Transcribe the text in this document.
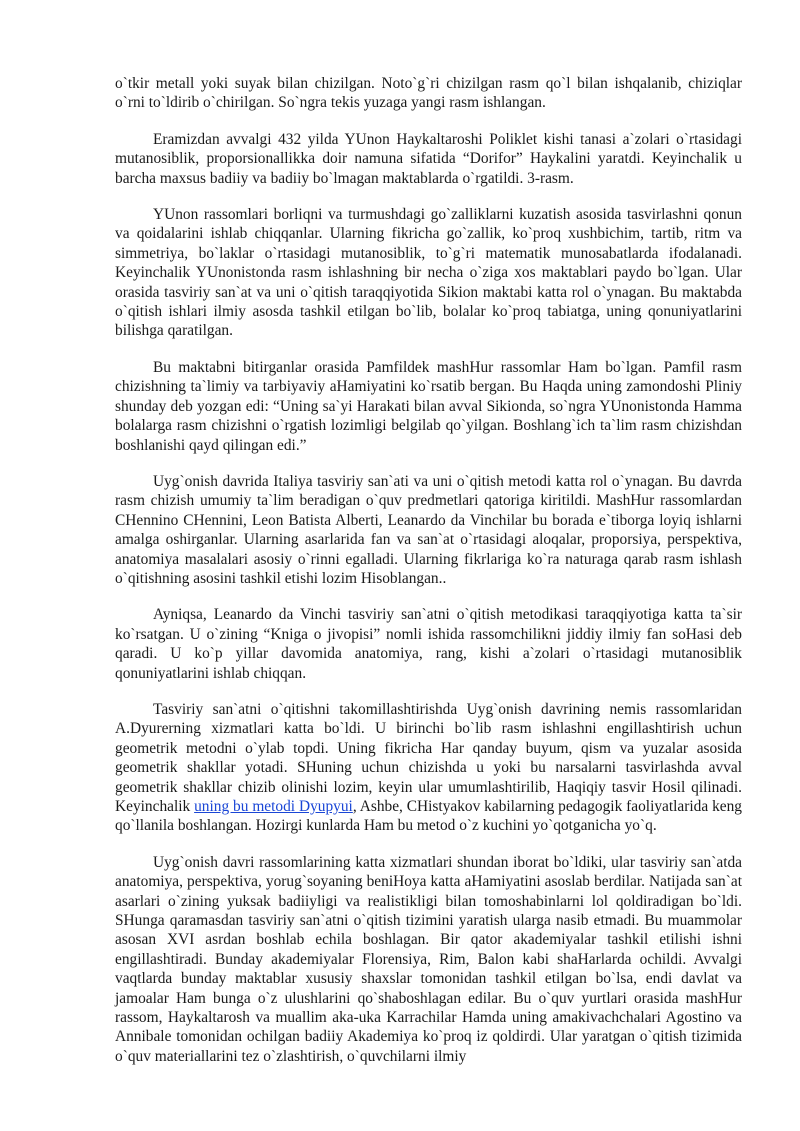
o`tkir metall yoki suyak bilan chizilgan. Noto`g`ri chizilgan rasm qo`l bilan ishqalanib, chiziqlar o`rni to`ldirib o`chirilgan. So`ngra tekis yuzaga yangi rasm ishlangan.

Eramizdan avvalgi 432 yilda YUnon Haykaltaroshi Poliklet kishi tanasi a`zolari o`rtasidagi mutanosiblik, proporsionallikka doir namuna sifatida “Dorifor” Haykalini yaratdi. Keyinchalik u barcha maxsus badiiy va badiiy bo`lmagan maktablarda o`rgatildi. 3-rasm.

YUnon rassomlari borliqni va turmushdagi go`zalliklarni kuzatish asosida tasvirlashni qonun va qoidalarini ishlab chiqqanlar. Ularning fikricha go`zallik, ko`proq xushbichim, tartib, ritm va simmetriya, bo`laklar o`rtasidagi mutanosiblik, to`g`ri matematik munosabatlarda ifodalanadi. Keyinchalik YUnonistonda rasm ishlashning bir necha o`ziga xos maktablari paydo bo`lgan. Ular orasida tasviriy san`at va uni o`qitish taraqqiyotida Sikion maktabi katta rol o`ynagan. Bu maktabda o`qitish ishlari ilmiy asosda tashkil etilgan bo`lib, bolalar ko`proq tabiatga, uning qonuniyatlarini bilishga qaratilgan.

Bu maktabni bitirganlar orasida Pamfildek mashHur rassomlar Ham bo`lgan. Pamfil rasm chizishning ta`limiy va tarbiyaviy aHamiyatini ko`rsatib bergan. Bu Haqda uning zamondoshi Pliniy shunday deb yozgan edi: “Uning sa`yi Harakati bilan avval Sikionda, so`ngra YUnonistonda Hamma bolalarga rasm chizishni o`rgatish lozimligi belgilab qo`yilgan. Boshlang`ich ta`lim rasm chizishdan boshlanishi qayd qilingan edi.”

Uyg`onish davrida Italiya tasviriy san`ati va uni o`qitish metodi katta rol o`ynagan. Bu davrda rasm chizish umumiy ta`lim beradigan o`quv predmetlari qatoriga kiritildi. MashHur rassomlardan CHennino CHennini, Leon Batista Alberti, Leanardo da Vinchilar bu borada e`tiborga loyiq ishlarni amalga oshirganlar. Ularning asarlarida fan va san`at o`rtasidagi aloqalar, proporsiya, perspektiva, anatomiya masalalari asosiy o`rinni egalladi. Ularning fikrlariga ko`ra naturaga qarab rasm ishlash o`qitishning asosini tashkil etishi lozim Hisoblangan..

Ayniqsa, Leanardo da Vinchi tasviriy san`atni o`qitish metodikasi taraqqiyotiga katta ta`sir ko`rsatgan. U o`zining “Kniga o jivopisi” nomli ishida rassomchilikni jiddiy ilmiy fan soHasi deb qaradi. U ko`p yillar davomida anatomiya, rang, kishi a`zolari o`rtasidagi mutanosiblik qonuniyatlarini ishlab chiqqan.

Tasviriy san`atni o`qitishni takomillashtirishda Uyg`onish davrining nemis rassomlaridan A.Dyurerning xizmatlari katta bo`ldi. U birinchi bo`lib rasm ishlashni engillashtirish uchun geometrik metodni o`ylab topdi. Uning fikricha Har qanday buyum, qism va yuzalar asosida geometrik shakllar yotadi. SHuning uchun chizishda u yoki bu narsalarni tasvirlashda avval geometrik shakllar chizib olinishi lozim, keyin ular umumlashtirilib, Haqiqiy tasvir Hosil qilinadi. Keyinchalik uning bu metodi Dyupyui, Ashbe, CHistyakov kabilarning pedagogik faoliyatlarida keng qo`llanila boshlangan. Hozirgi kunlarda Ham bu metod o`z kuchini yo`qotganicha yo`q.

Uyg`onish davri rassomlarining katta xizmatlari shundan iborat bo`ldiki, ular tasviriy san`atda anatomiya, perspektiva, yorug`soyaning beniHoya katta aHamiyatini asoslab berdilar. Natijada san`at asarlari o`zining yuksak badiiyligi va realistikligi bilan tomoshabinlarni lol qoldiradigan bo`ldi. SHunga qaramasdan tasviriy san`atni o`qitish tizimini yaratish ularga nasib etmadi. Bu muammolar asosan XVI asrdan boshlab echila boshlagan. Bir qator akademiyalar tashkil etilishi ishni engillashtiradi. Bunday akademiyalar Florensiya, Rim, Balon kabi shaHarlarda ochildi. Avvalgi vaqtlarda bunday maktablar xususiy shaxslar tomonidan tashkil etilgan bo`lsa, endi davlat va jamoalar Ham bunga o`z ulushlarini qo`shaboshlagan edilar. Bu o`quv yurtlari orasida mashHur rassom, Haykaltarosh va muallim aka-uka Karrachilar Hamda uning amakivachchalari Agostino va Annibale tomonidan ochilgan badiiy Akademiya ko`proq iz qoldirdi. Ular yaratgan o`qitish tizimida o`quv materiallarini tez o`zlashtirish, o`quvchilarni ilmiy
